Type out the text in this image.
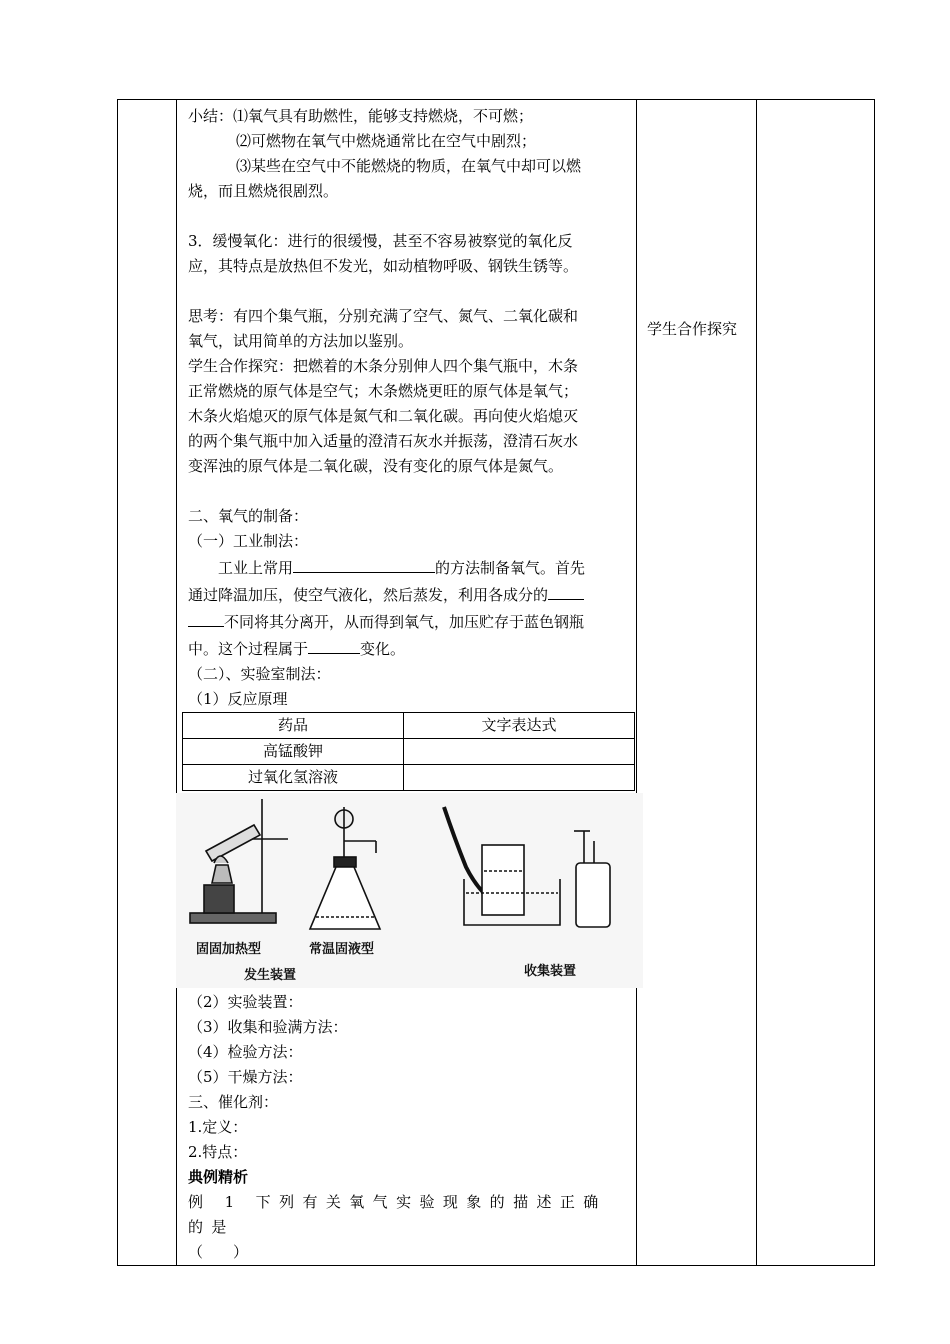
小结：⑴氧气具有助燃性，能够支持燃烧，不可燃；

⑵可燃物在氧气中燃烧通常比在空气中剧烈；

⑶某些在空气中不能燃烧的物质，在氧气中却可以燃

烧，而且燃烧很剧烈。

3．缓慢氧化：进行的很缓慢，甚至不容易被察觉的氧化反

应，其特点是放热但不发光，如动植物呼吸、钢铁生锈等。

思考：有四个集气瓶，分别充满了空气、氮气、二氧化碳和

氧气，试用简单的方法加以鉴别。

学生合作探究：把燃着的木条分别伸人四个集气瓶中，木条

正常燃烧的原气体是空气；木条燃烧更旺的原气体是氧气；

木条火焰熄灭的原气体是氮气和二氧化碳。再向使火焰熄灭

的两个集气瓶中加入适量的澄清石灰水并振荡，澄清石灰水

变浑浊的原气体是二氧化碳，没有变化的原气体是氮气。

二、氧气的制备：

（一）工业制法：

工业上常用	的方法制备氧气。首先

通过降温加压，使空气液化，然后蒸发，利用各成分的

不同将其分离开，从而得到氧气，加压贮存于蓝色钢瓶

中。这个过程属于	变化。

（二）、实验室制法：

（1）反应原理

药品	文字表达式
高锰酸钾	
过氧化氢溶液	
固固加热型	常温固液型
发生装置	收集装置

（2）实验装置：

（3）收集和验满方法：

（4）检验方法：

（5）干燥方法：

三、催化剂：

1.定义：

2.特点：

典例精析

例 1 下列有关氧气实验现象的描述正确的是

（　　）

学生合作探究
